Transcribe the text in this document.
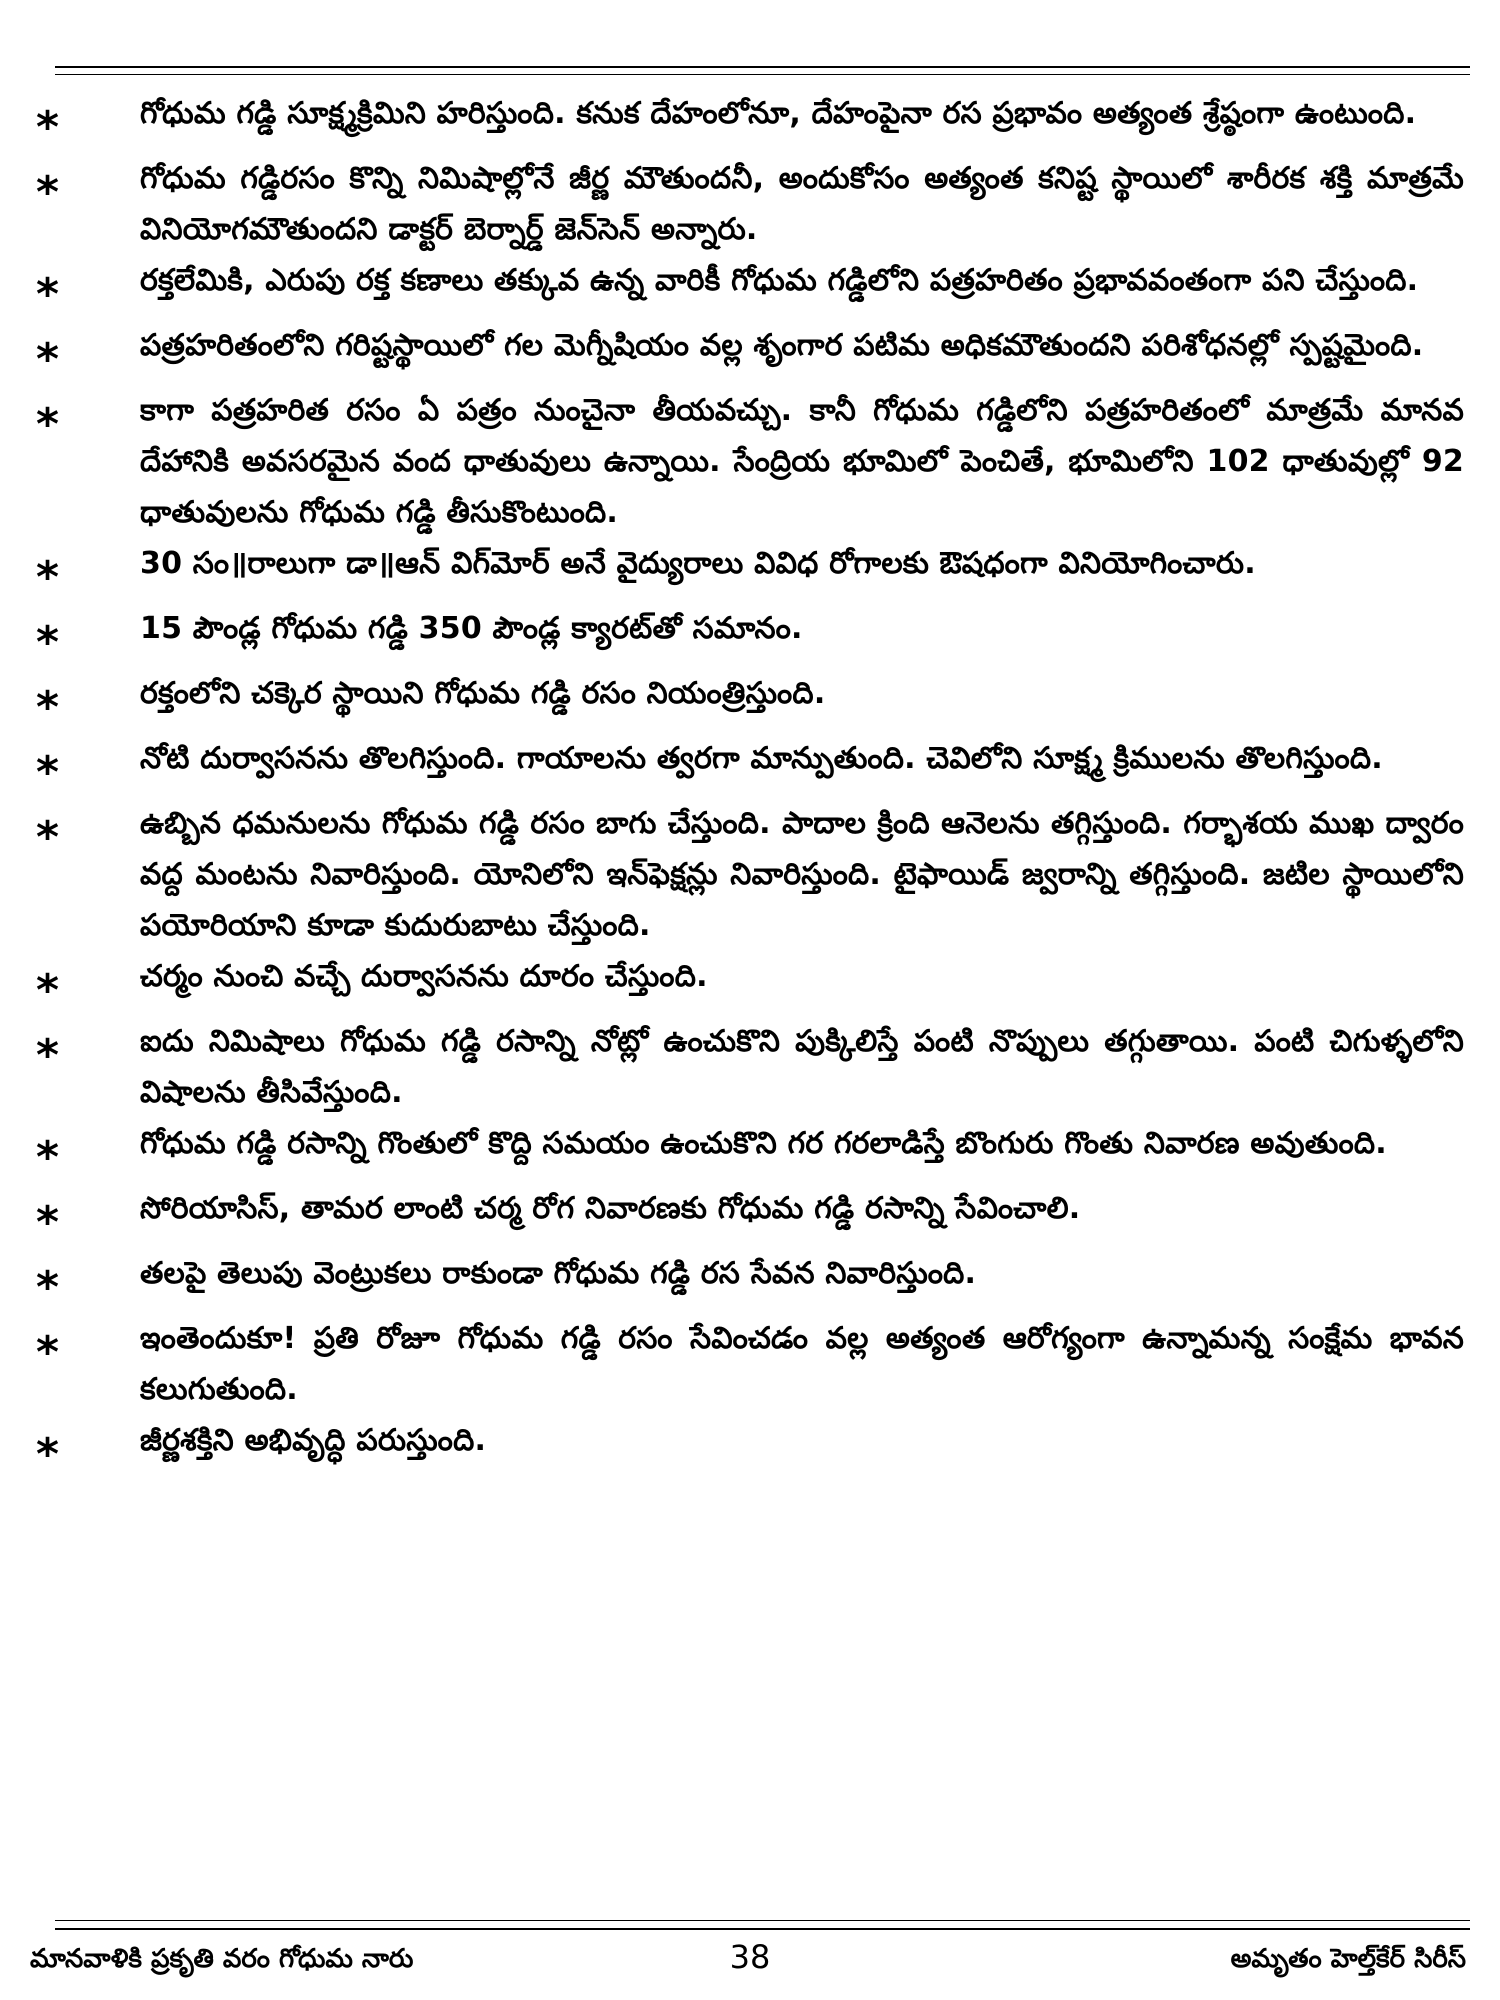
*	గోధుమ గడ్డి సూక్ష్మక్రిమిని హరిస్తుంది. కనుక దేహంలోనూ, దేహంపైనా రస ప్రభావం అత్యంత శ్రేష్ఠంగా ఉంటుంది.
*	గోధుమ గడ్డిరసం కొన్ని నిమిషాల్లోనే జీర్ణ మౌతుందనీ, అందుకోసం అత్యంత కనిష్ట స్థాయిలో శారీరక శక్తి మాత్రమే వినియోగమౌతుందని డాక్టర్ బెర్నార్డ్ జెన్‌సెన్ అన్నారు.
*	రక్తలేమికి, ఎరుపు రక్త కణాలు తక్కువ ఉన్న వారికీ గోధుమ గడ్డిలోని పత్రహరితం ప్రభావవంతంగా పని చేస్తుంది.
*	పత్రహరితంలోని గరిష్టస్థాయిలో గల మెగ్నీషియం వల్ల శృంగార పటిమ అధికమౌతుందని పరిశోధనల్లో స్పష్టమైంది.
*	కాగా పత్రహరిత రసం ఏ పత్రం నుంచైనా తీయవచ్చు. కానీ గోధుమ గడ్డిలోని పత్రహరితంలో మాత్రమే మానవ దేహానికి అవసరమైన వంద ధాతువులు ఉన్నాయి. సేంద్రియ భూమిలో పెంచితే, భూమిలోని 102 ధాతువుల్లో 92 ధాతువులను గోధుమ గడ్డి తీసుకొంటుంది.
*	30 సం॥రాలుగా డా॥ఆన్ విగ్‌మోర్ అనే వైద్యురాలు వివిధ రోగాలకు ఔషధంగా వినియోగించారు.
*	15 పౌండ్ల గోధుమ గడ్డి 350 పౌండ్ల క్యారట్‌తో సమానం.
*	రక్తంలోని చక్కెర స్థాయిని గోధుమ గడ్డి రసం నియంత్రిస్తుంది.
*	నోటి దుర్వాసనను తొలగిస్తుంది. గాయాలను త్వరగా మాన్పుతుంది. చెవిలోని సూక్ష్మ క్రిములను తొలగిస్తుంది.
*	ఉబ్బిన ధమనులను గోధుమ గడ్డి రసం బాగు చేస్తుంది. పాదాల క్రింది ఆనెలను తగ్గిస్తుంది. గర్భాశయ ముఖ ద్వారం వద్ద మంటను నివారిస్తుంది. యోనిలోని ఇన్‌ఫెక్షన్లు నివారిస్తుంది. టైఫాయిడ్ జ్వరాన్ని తగ్గిస్తుంది. జటిల స్థాయిలోని పయోరియాని కూడా కుదురుబాటు చేస్తుంది.
*	చర్మం నుంచి వచ్చే దుర్వాసనను దూరం చేస్తుంది.
*	ఐదు నిమిషాలు గోధుమ గడ్డి రసాన్ని నోట్లో ఉంచుకొని పుక్కిలిస్తే పంటి నొప్పులు తగ్గుతాయి. పంటి చిగుళ్ళలోని విషాలను తీసివేస్తుంది.
*	గోధుమ గడ్డి రసాన్ని గొంతులో కొద్ది సమయం ఉంచుకొని గర గరలాడిస్తే బొంగురు గొంతు నివారణ అవుతుంది.
*	సోరియాసిస్, తామర లాంటి చర్మ రోగ నివారణకు గోధుమ గడ్డి రసాన్ని సేవించాలి.
*	తలపై తెలుపు వెంట్రుకలు రాకుండా గోధుమ గడ్డి రస సేవన నివారిస్తుంది.
*	ఇంతెందుకూ! ప్రతి రోజూ గోధుమ గడ్డి రసం సేవించడం వల్ల అత్యంత ఆరోగ్యంగా ఉన్నామన్న సంక్షేమ భావన కలుగుతుంది.
*	జీర్ణశక్తిని అభివృద్ధి పరుస్తుంది.
మానవాళికి ప్రకృతి వరం గోధుమ నారు	38	అమృతం హెల్త్‌కేర్ సిరీస్
